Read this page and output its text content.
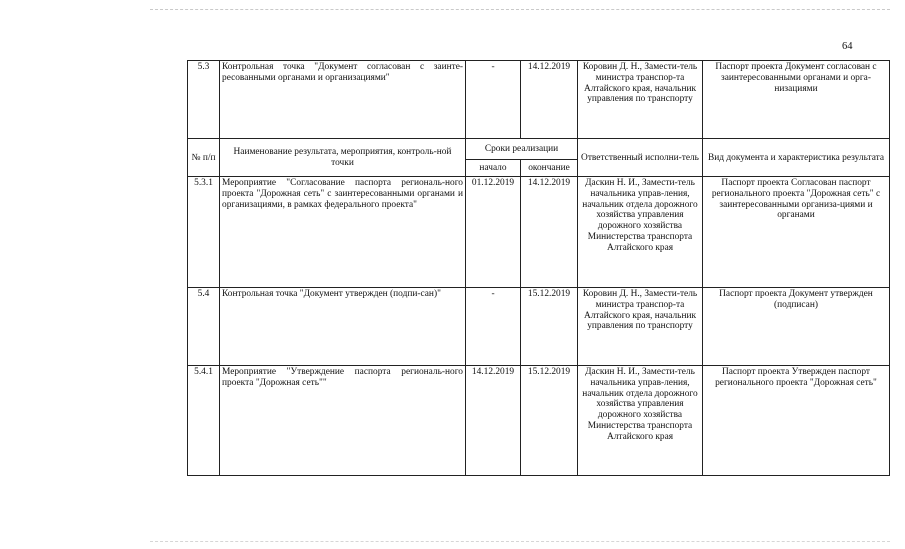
64
5.3	Контрольная точка "Документ согласован с заинте-ресованными органами и организациями"	-	14.12.2019	Коровин Д. Н., Замести-тель министра транспор-та Алтайского края, начальник управления по транспорту	Паспорт проекта Документ согласован с заинтересованными органами и орга-низациями
№ п/п	Наименование результата, мероприятия, контроль-ной точки	Сроки реализации		Ответственный исполни-тель	Вид документа и характеристика результата
		начало	окончание		
5.3.1	Мероприятие "Согласование паспорта региональ-ного проекта "Дорожная сеть" с заинтересованными органами и организациями, в рамках федерального проекта"	01.12.2019	14.12.2019	Даскин Н. И., Замести-тель начальника управ-ления, начальник отдела дорожного хозяйства управления дорожного хозяйства Министерства транспорта Алтайского края	Паспорт проекта Согласован паспорт регионального проекта "Дорожная сеть" с заинтересованными организа-циями и органами
5.4	Контрольная точка "Документ утвержден (подпи-сан)"	-	15.12.2019	Коровин Д. Н., Замести-тель министра транспор-та Алтайского края, начальник управления по транспорту	Паспорт проекта Документ утвержден (подписан)
5.4.1	Мероприятие "Утверждение паспорта региональ-ного проекта "Дорожная сеть""	14.12.2019	15.12.2019	Даскин Н. И., Замести-тель начальника управ-ления, начальник отдела дорожного хозяйства управления дорожного хозяйства Министерства транспорта Алтайского края	Паспорт проекта Утвержден паспорт регионального проекта "Дорожная сеть"
